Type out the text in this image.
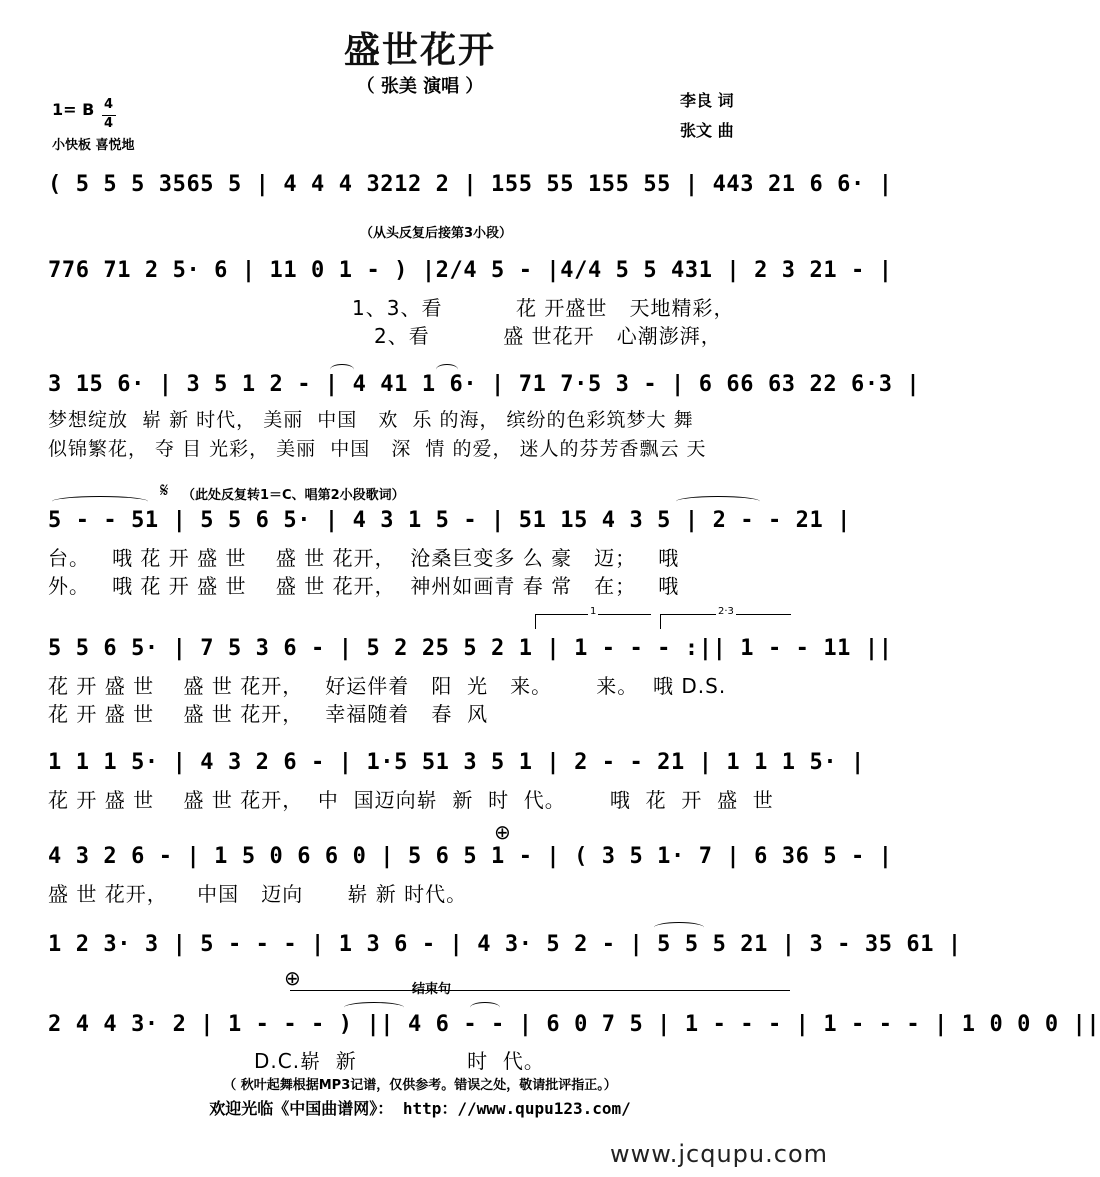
盛世花开
（ 张美 演唱 ）
1= B 4
4
小快板 喜悦地
李良 词
张文 曲
( 5 5 5 3565 5 | 4 4 4 3212 2 | 155 55 155 55 | 443 21 6 6· |
（从头反复后接第3小段）
776 71 2 5· 6 | 11 0 1 - ) |2/4 5 - |4/4 5 5 431 | 2 3 21 - |
1、3、看          花 开盛世   天地精彩，
2、看          盛 世花开   心潮澎湃，
3 15 6· | 3 5 1 2 - | 4 41 1 6· | 71 7·5 3 - | 6 66 63 22 6·3 |
梦想绽放  崭 新 时代， 美丽  中国   欢  乐 的海， 缤纷的色彩筑梦大 舞
似锦繁花， 夺 目 光彩， 美丽  中国   深  情 的爱， 迷人的芬芳香飘云 天
𝄋 （此处反复转1＝C、唱第2小段歌词）
5 - - 51 | 5 5 6 5· | 4 3 1 5 - | 51 15 4 3 5 | 2 - - 21 |
台。   哦 花 开 盛 世    盛 世 花开，  沧桑巨变多 么 豪   迈；   哦
外。   哦 花 开 盛 世    盛 世 花开，  神州如画青 春 常   在；   哦
1	2·3
5 5 6 5· | 7 5 3 6 - | 5 2 25 5 2 1 | 1 - - - :|| 1 - - 11 ||
花 开 盛 世    盛 世 花开，   好运伴着   阳  光   来。      来。  哦 D.S.
花 开 盛 世    盛 世 花开，   幸福随着   春  风
1 1 1 5· | 4 3 2 6 - | 1·5 51 3 5 1 | 2 - - 21 | 1 1 1 5· |
花 开 盛 世    盛 世 花开，  中  国迈向崭  新  时  代。      哦  花  开  盛  世
⊕
4 3 2 6 - | 1 5 0 6 6 0 | 5 6 5 1 - | ( 3 5 1· 7 | 6 36 5 - |
盛 世 花开，    中国   迈向      崭 新 时代。
1 2 3· 3 | 5 - - - | 1 3 6 - | 4 3· 5 2 - | 5 5 5 21 | 3 - 35 61 |
⊕	结束句
2 4 4 3· 2 | 1 - - - ) || 4 6 - - | 6 0 7 5 | 1 - - - | 1 - - - | 1 0 0 0 ||
D.C.崭  新               时  代。
（ 秋叶起舞根据MP3记谱，仅供参考。错误之处，敬请批评指正。）
欢迎光临《中国曲谱网》： http：//www.qupu123.com/
www.jcqupu.com
